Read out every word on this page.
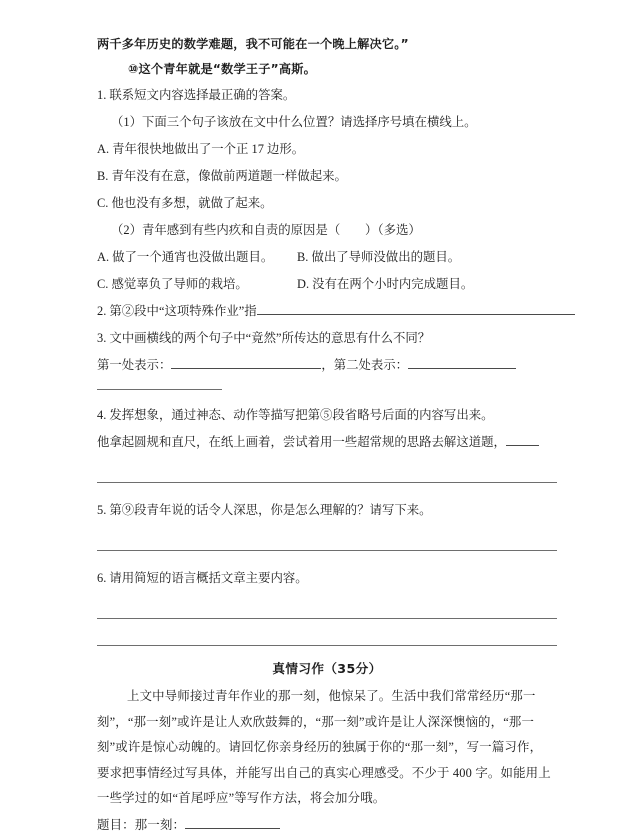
两千多年历史的数学难题，我不可能在一个晚上解决它。”
⑩这个青年就是“数学王子”高斯。
1. 联系短文内容选择最正确的答案。
（1）下面三个句子该放在文中什么位置？请选择序号填在横线上。
A. 青年很快地做出了一个正 17 边形。
B. 青年没有在意，像做前两道题一样做起来。
C. 他也没有多想，就做了起来。
（2）青年感到有些内疚和自责的原因是（　　）（多选）
A. 做了一个通宵也没做出题目。	B. 做出了导师没做出的题目。
C. 感觉辜负了导师的栽培。	D. 没有在两个小时内完成题目。
2. 第②段中“这项特殊作业”指
3. 文中画横线的两个句子中“竟然”所传达的意思有什么不同？
第一处表示：	，第二处表示：
4. 发挥想象，通过神态、动作等描写把第⑤段省略号后面的内容写出来。
他拿起圆规和直尺，在纸上画着，尝试着用一些超常规的思路去解这道题，
5. 第⑨段青年说的话令人深思，你是怎么理解的？请写下来。
6. 请用简短的语言概括文章主要内容。
真情习作（35分）
上文中导师接过青年作业的那一刻，他惊呆了。生活中我们常常经历“那一
刻”，“那一刻”或许是让人欢欣鼓舞的，“那一刻”或许是让人深深懊恼的，“那一
刻”或许是惊心动魄的。请回忆你亲身经历的独属于你的“那一刻”，写一篇习作，
要求把事情经过写具体，并能写出自己的真实心理感受。不少于 400 字。如能用上
一些学过的如“首尾呼应”等写作方法，将会加分哦。
题目：那一刻：
